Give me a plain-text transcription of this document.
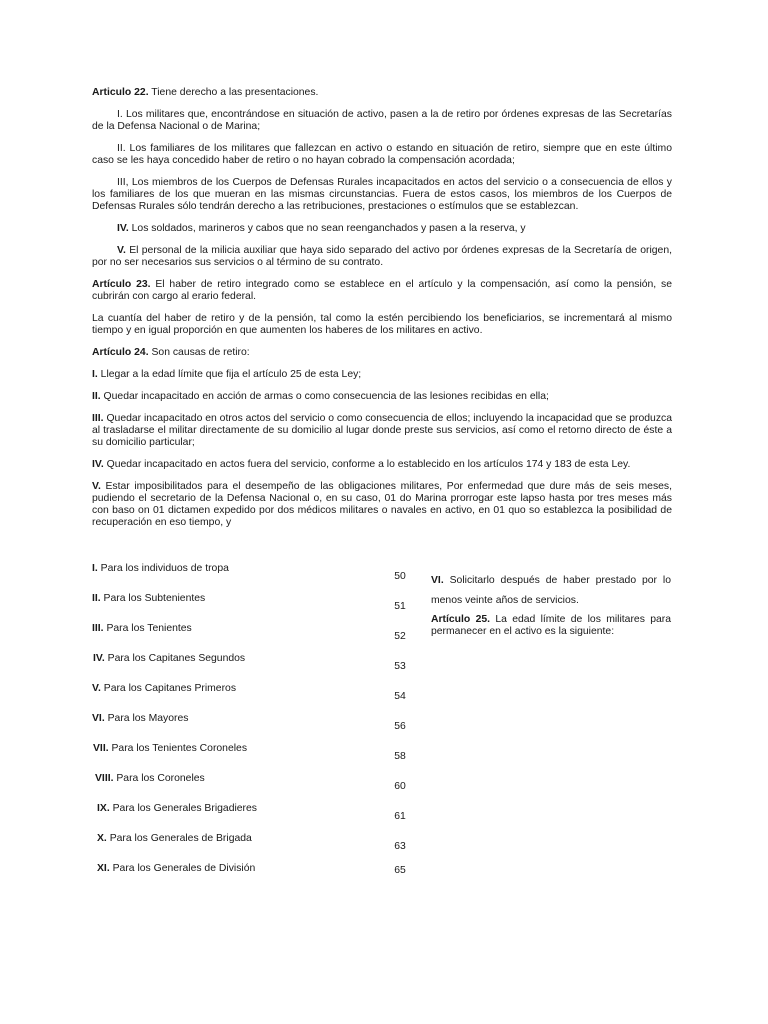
Articulo 22. Tiene derecho a las presentaciones.

I. Los militares que, encontrándose en situación de activo, pasen a la de retiro por órdenes expresas de las Secretarías de la Defensa Nacional o de Marina;

II. Los familiares de los militares que fallezcan en activo o estando en situación de retiro, siempre que en este último caso se les haya concedido haber de retiro o no hayan cobrado la compensación acordada;

III, Los miembros de los Cuerpos de Defensas Rurales incapacitados en actos del servicio o a consecuencia de ellos y los familiares de los que mueran en las mismas circunstancias. Fuera de estos casos, los miembros de los Cuerpos de Defensas Rurales sólo tendrán derecho a las retribuciones, prestaciones o estímulos que se establezcan.

IV. Los soldados, marineros y cabos que no sean reenganchados y pasen a la reserva, y

V. El personal de la milicia auxiliar que haya sido separado del activo por órdenes expresas de la Secretaría de origen, por no ser necesarios sus servicios o al término de su contrato.

Artículo 23. El haber de retiro integrado como se establece en el artículo y la compensación, así como la pensión, se cubrirán con cargo al erario federal.

La cuantía del haber de retiro y de la pensión, tal como la estén percibiendo los beneficiarios, se incrementará al mismo tiempo y en igual proporción en que aumenten los haberes de los militares en activo.

Artículo 24. Son causas de retiro:

I. Llegar a la edad límite que fija el artículo 25 de esta Ley;

II. Quedar incapacitado en acción de armas o como consecuencia de las lesiones recibidas en ella;

III. Quedar incapacitado en otros actos del servicio o como consecuencia de ellos; incluyendo la incapacidad que se produzca al trasladarse el militar directamente de su domicilio al lugar donde preste sus servicios, así como el retorno directo de éste a su domicilio particular;

IV. Quedar incapacitado en actos fuera del servicio, conforme a lo establecido en los artículos 174 y 183 de esta Ley.

V. Estar imposibilitados para el desempeño de las obligaciones militares, Por enfermedad que dure más de seis meses, pudiendo el secretario de la Defensa Nacional o, en su caso, 01 do Marina prorrogar este lapso hasta por tres meses más con baso on 01 dictamen expedido por dos médicos militares o navales en activo, en 01 quo so establezca la posibilidad de recuperación en eso tiempo, y

I. Para los individuos de tropa
50
II. Para los Subtenientes
51
III. Para los Tenientes
52
IV. Para los Capitanes Segundos
53
V. Para los Capitanes Primeros
54
VI. Para los Mayores
56
VII. Para los Tenientes Coroneles
58
VIII. Para los Coroneles
60
IX. Para los Generales Brigadieres
61
X. Para los Generales de Brigada
63
XI. Para los Generales de División	65

VI. Solicitarlo después de haber prestado por lo menos veinte años de servicios.

Artículo 25. La edad límite de los militares para permanecer en el activo es la siguiente:
